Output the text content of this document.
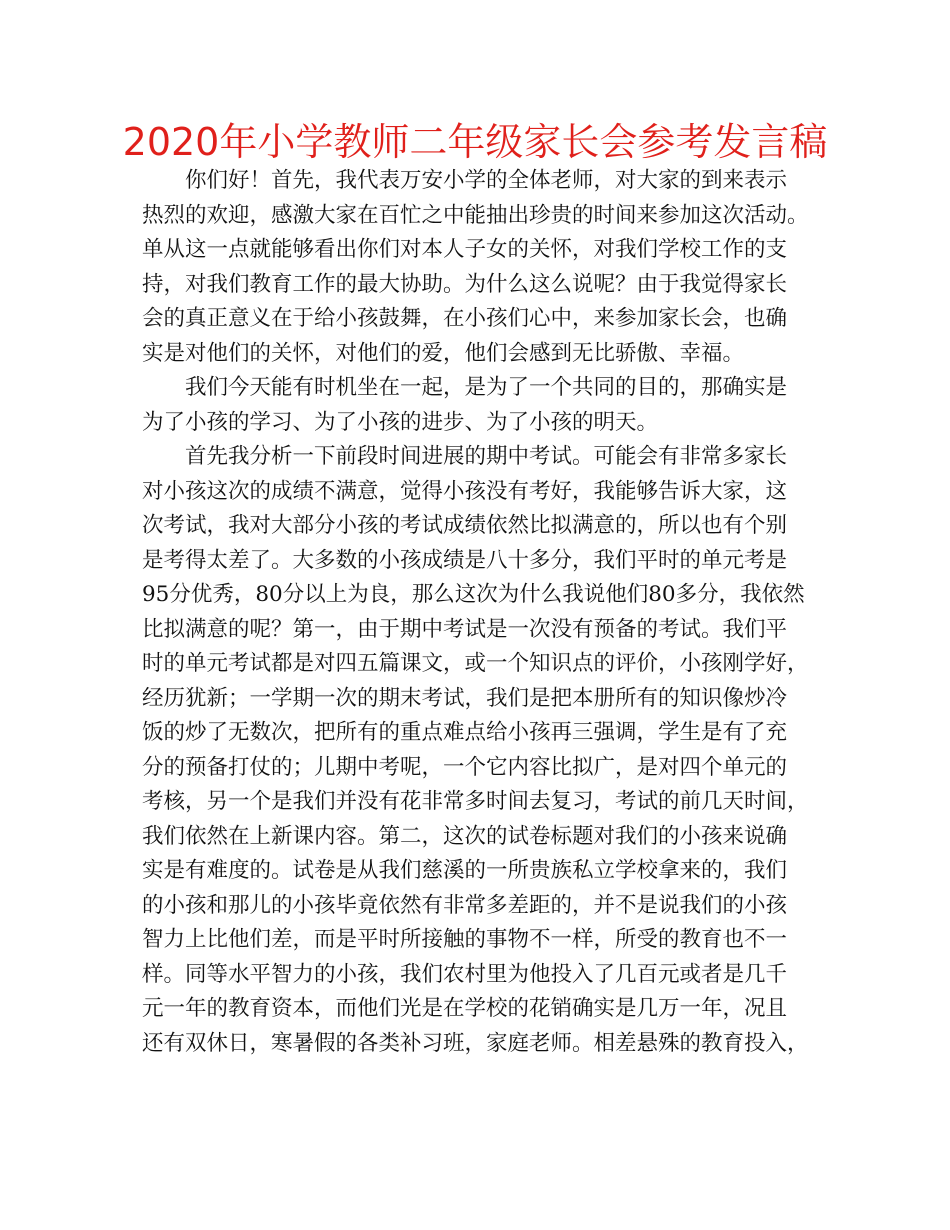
2020年小学教师二年级家长会参考发言稿
　　你们好！首先，我代表万安小学的全体老师，对大家的到来表示
热烈的欢迎，感激大家在百忙之中能抽出珍贵的时间来参加这次活动。
单从这一点就能够看出你们对本人子女的关怀，对我们学校工作的支
持，对我们教育工作的最大协助。为什么这么说呢？由于我觉得家长
会的真正意义在于给小孩鼓舞，在小孩们心中，来参加家长会，也确
实是对他们的关怀，对他们的爱，他们会感到无比骄傲、幸福。
　　我们今天能有时机坐在一起，是为了一个共同的目的，那确实是
为了小孩的学习、为了小孩的进步、为了小孩的明天。
　　首先我分析一下前段时间进展的期中考试。可能会有非常多家长
对小孩这次的成绩不满意，觉得小孩没有考好，我能够告诉大家，这
次考试，我对大部分小孩的考试成绩依然比拟满意的，所以也有个别
是考得太差了。大多数的小孩成绩是八十多分，我们平时的单元考是
95分优秀，80分以上为良，那么这次为什么我说他们80多分，我依然
比拟满意的呢？第一，由于期中考试是一次没有预备的考试。我们平
时的单元考试都是对四五篇课文，或一个知识点的评价，小孩刚学好，
经历犹新；一学期一次的期末考试，我们是把本册所有的知识像炒冷
饭的炒了无数次，把所有的重点难点给小孩再三强调，学生是有了充
分的预备打仗的；儿期中考呢，一个它内容比拟广，是对四个单元的
考核，另一个是我们并没有花非常多时间去复习，考试的前几天时间，
我们依然在上新课内容。第二，这次的试卷标题对我们的小孩来说确
实是有难度的。试卷是从我们慈溪的一所贵族私立学校拿来的，我们
的小孩和那儿的小孩毕竟依然有非常多差距的，并不是说我们的小孩
智力上比他们差，而是平时所接触的事物不一样，所受的教育也不一
样。同等水平智力的小孩，我们农村里为他投入了几百元或者是几千
元一年的教育资本，而他们光是在学校的花销确实是几万一年，况且
还有双休日，寒暑假的各类补习班，家庭老师。相差悬殊的教育投入，
